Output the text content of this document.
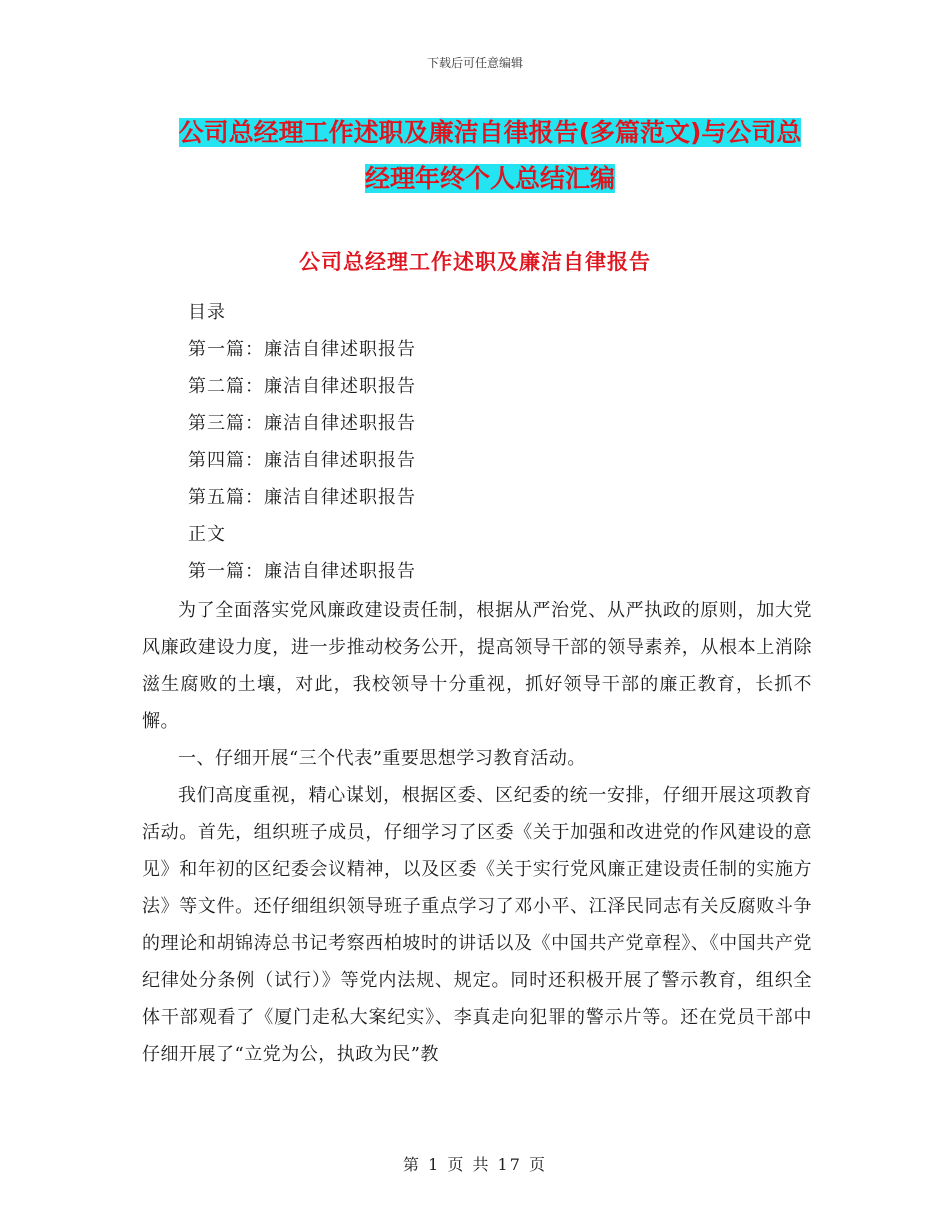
下载后可任意编辑
公司总经理工作述职及廉洁自律报告(多篇范文)与公司总经理年终个人总结汇编
公司总经理工作述职及廉洁自律报告
目录
第一篇：廉洁自律述职报告
第二篇：廉洁自律述职报告
第三篇：廉洁自律述职报告
第四篇：廉洁自律述职报告
第五篇：廉洁自律述职报告
正文
第一篇：廉洁自律述职报告

为了全面落实党风廉政建设责任制，根据从严治党、从严执政的原则，加大党风廉政建设力度，进一步推动校务公开，提高领导干部的领导素养，从根本上消除滋生腐败的土壤，对此，我校领导十分重视，抓好领导干部的廉正教育，长抓不懈。

一、仔细开展“三个代表”重要思想学习教育活动。

我们高度重视，精心谋划，根据区委、区纪委的统一安排，仔细开展这项教育活动。首先，组织班子成员，仔细学习了区委《关于加强和改进党的作风建设的意见》和年初的区纪委会议精神，以及区委《关于实行党风廉正建设责任制的实施方法》等文件。还仔细组织领导班子重点学习了邓小平、江泽民同志有关反腐败斗争的理论和胡锦涛总书记考察西柏坡时的讲话以及《中国共产党章程》、《中国共产党纪律处分条例（试行）》等党内法规、规定。同时还积极开展了警示教育，组织全体干部观看了《厦门走私大案纪实》、李真走向犯罪的警示片等。还在党员干部中仔细开展了“立党为公，执政为民”教

第 1 页 共 17 页
